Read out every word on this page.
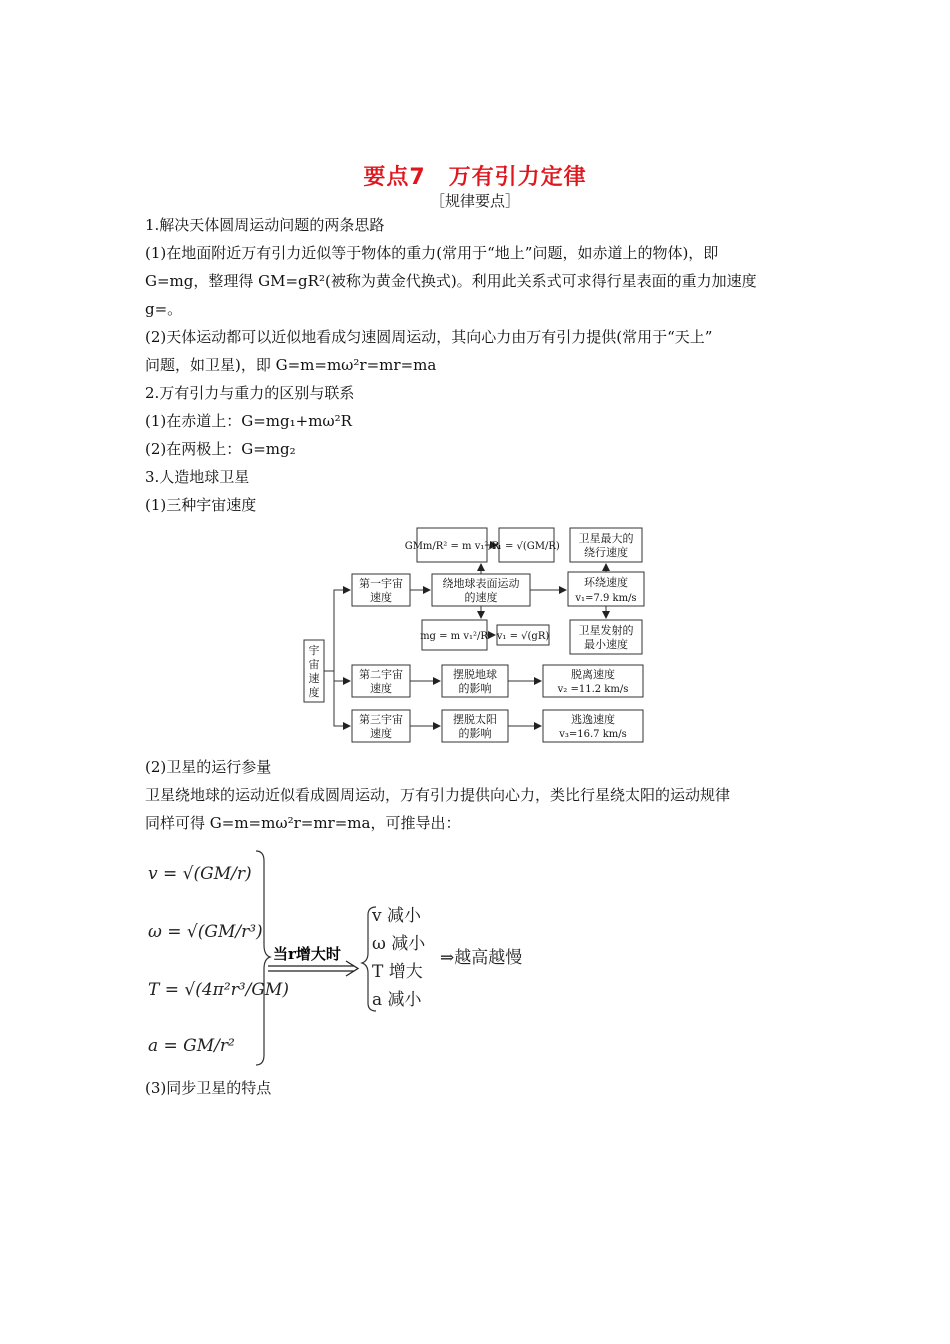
要点7　万有引力定律
［规律要点］
1.解决天体圆周运动问题的两条思路
(1)在地面附近万有引力近似等于物体的重力(常用于“地上”问题，如赤道上的物体)，即
G=mg，整理得 GM=gR²(被称为黄金代换式)。利用此关系式可求得行星表面的重力加速度
g=。
(2)天体运动都可以近似地看成匀速圆周运动，其向心力由万有引力提供(常用于“天上”
问题，如卫星)，即 G=m=mω²r=mr=ma
2.万有引力与重力的区别与联系
(1)在赤道上：G=mg₁+mω²R
(2)在两极上：G=mg₂
3.人造地球卫星
(1)三种宇宙速度
宇
宙
速
度
第一宇宙
速度
第二宇宙
速度
第三宇宙
速度
绕地球表面运动
的速度
GMm/R² = m v₁²/R
v₁ = √(GM/R)
mg = m v₁²/R v₁ = √(gR)
卫星最大的
绕行速度
环绕速度
v₁=7.9 km/s
卫星发射的
最小速度
摆脱地球
的影响
脱离速度
v₂ =11.2 km/s
摆脱太阳
的影响
逃逸速度
v₃=16.7 km/s
(2)卫星的运行参量
卫星绕地球的运动近似看成圆周运动，万有引力提供向心力，类比行星绕太阳的运动规律
同样可得 G=m=mω²r=mr=ma，可推导出：
v = √(GM/r)
ω = √(GM/r³)
T = √(4π²r³/GM)
a = GM/r²
当r增大时
v 减小
ω 减小
T 增大
a 减小
⇒越高越慢
(3)同步卫星的特点
